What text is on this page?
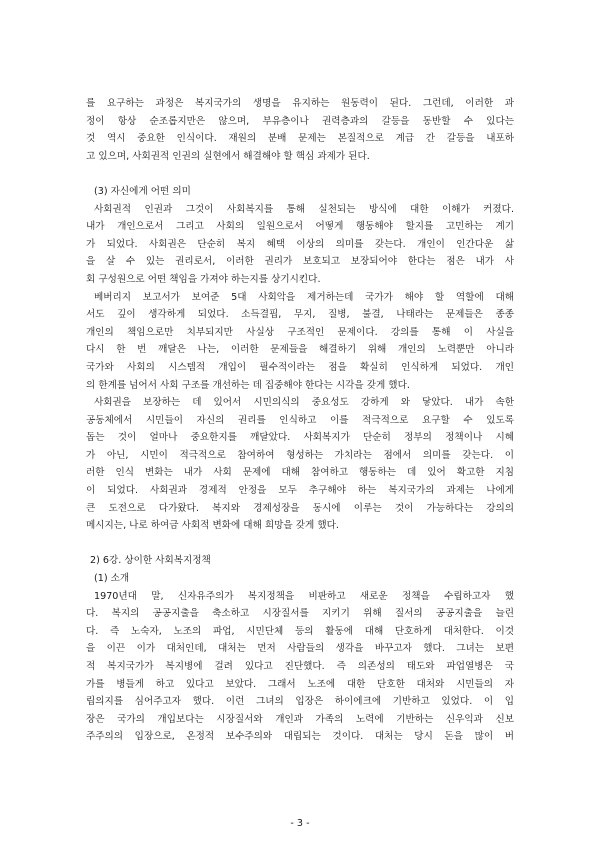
를 요구하는 과정은 복지국가의 생명을 유지하는 원동력이 된다. 그런데, 이러한 과
정이 항상 순조롭지만은 않으며, 부유층이나 권력층과의 갈등을 동반할 수 있다는
것 역시 중요한 인식이다. 재원의 분배 문제는 본질적으로 계급 간 갈등을 내포하
고 있으며, 사회권적 인권의 실현에서 해결해야 할 핵심 과제가 된다.
(3) 자신에게 어떤 의미
사회권적 인권과 그것이 사회복지를 통해 실천되는 방식에 대한 이해가 커졌다.
내가 개인으로서 그리고 사회의 일원으로서 어떻게 행동해야 할지를 고민하는 계기
가 되었다. 사회권은 단순히 복지 혜택 이상의 의미를 갖는다. 개인이 인간다운 삶
을 살 수 있는 권리로서, 이러한 권리가 보호되고 보장되어야 한다는 점은 내가 사
회 구성원으로 어떤 책임을 가져야 하는지를 상기시킨다.
베버리지 보고서가 보여준 5대 사회악을 제거하는데 국가가 해야 할 역할에 대해
서도 깊이 생각하게 되었다. 소득결핍, 무지, 질병, 불결, 나태라는 문제들은 종종
개인의 책임으로만 치부되지만 사실상 구조적인 문제이다. 강의를 통해 이 사실을
다시 한 번 깨달은 나는, 이러한 문제들을 해결하기 위해 개인의 노력뿐만 아니라
국가와 사회의 시스템적 개입이 필수적이라는 점을 확실히 인식하게 되었다. 개인
의 한계를 넘어서 사회 구조를 개선하는 데 집중해야 한다는 시각을 갖게 했다.
사회권을 보장하는 데 있어서 시민의식의 중요성도 강하게 와 닿았다. 내가 속한
공동체에서 시민들이 자신의 권리를 인식하고 이를 적극적으로 요구할 수 있도록
돕는 것이 얼마나 중요한지를 깨달았다. 사회복지가 단순히 정부의 정책이나 시혜
가 아닌, 시민이 적극적으로 참여하여 형성하는 가치라는 점에서 의미를 갖는다. 이
러한 인식 변화는 내가 사회 문제에 대해 참여하고 행동하는 데 있어 확고한 지침
이 되었다. 사회권과 경제적 안정을 모두 추구해야 하는 복지국가의 과제는 나에게
큰 도전으로 다가왔다. 복지와 경제성장을 동시에 이루는 것이 가능하다는 강의의
메시지는, 나로 하여금 사회적 변화에 대해 희망을 갖게 했다.
2) 6강. 상이한 사회복지정책
(1) 소개
1970년대 말, 신자유주의가 복지정책을 비판하고 새로운 정책을 수립하고자 했
다. 복지의 공공지출을 축소하고 시장질서를 지키기 위해 질서의 공공지출을 늘린
다. 즉 노숙자, 노조의 파업, 시민단체 등의 활동에 대해 단호하게 대처한다. 이것
을 이끈 이가 대처인데, 대처는 먼저 사람들의 생각을 바꾸고자 했다. 그녀는 보편
적 복지국가가 복지병에 걸려 있다고 진단했다. 즉 의존성의 태도와 파업열병은 국
가를 병들게 하고 있다고 보았다. 그래서 노조에 대한 단호한 대처와 시민들의 자
립의지를 심어주고자 했다. 이런 그녀의 입장은 하이에크에 기반하고 있었다. 이 입
장은 국가의 개입보다는 시장질서와 개인과 가족의 노력에 기반하는 신우익과 신보
주주의의 입장으로, 온정적 보수주의와 대립되는 것이다. 대처는 당시 돈을 많이 버
- 3 -
